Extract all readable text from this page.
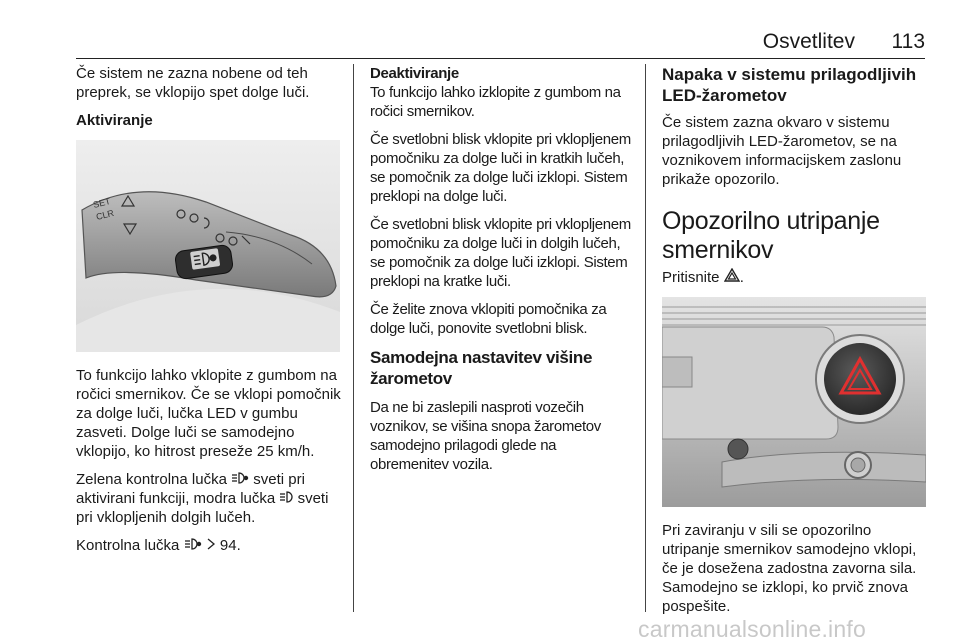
Osvetlitev 113

Če sistem ne zazna nobene od teh preprek, se vklopijo spet dolge luči.

Aktiviranje
SET
CLR

To funkcijo lahko vklopite z gumbom na ročici smernikov. Če se vklopi pomočnik za dolge luči, lučka LED v gumbu zasveti. Dolge luči se samodejno vklopijo, ko hitrost preseže 25 km/h.

Zelena kontrolna lučka sveti pri aktivirani funkciji, modra lučka sveti pri vklopljenih dolgih lučeh.

Kontrolna lučka	94.

Deaktiviranje

To funkcijo lahko izklopite z gumbom na ročici smernikov.

Če svetlobni blisk vklopite pri vklopljenem pomočniku za dolge luči in kratkih lučeh, se pomočnik za dolge luči izklopi. Sistem preklopi na dolge luči.

Če svetlobni blisk vklopite pri vklopljenem pomočniku za dolge luči in dolgih lučeh, se pomočnik za dolge luči izklopi. Sistem preklopi na kratke luči.

Če želite znova vklopiti pomočnika za dolge luči, ponovite svetlobni blisk.

Samodejna nastavitev višine žarometov

Da ne bi zaslepili nasproti vozečih voznikov, se višina snopa žarometov samodejno prilagodi glede na obremenitev vozila.

Napaka v sistemu prilagodljivih LED-žarometov

Če sistem zazna okvaro v sistemu prilagodljivih LED-žarometov, se na voznikovem informacijskem zaslonu prikaže opozorilo.

Opozorilno utripanje smernikov

Pritisnite .

Pri zaviranju v sili se opozorilno utripanje smernikov samodejno vklopi, če je dosežena zadostna zavorna sila. Samodejno se izklopi, ko prvič znova pospešite.

carmanualsonline.info
